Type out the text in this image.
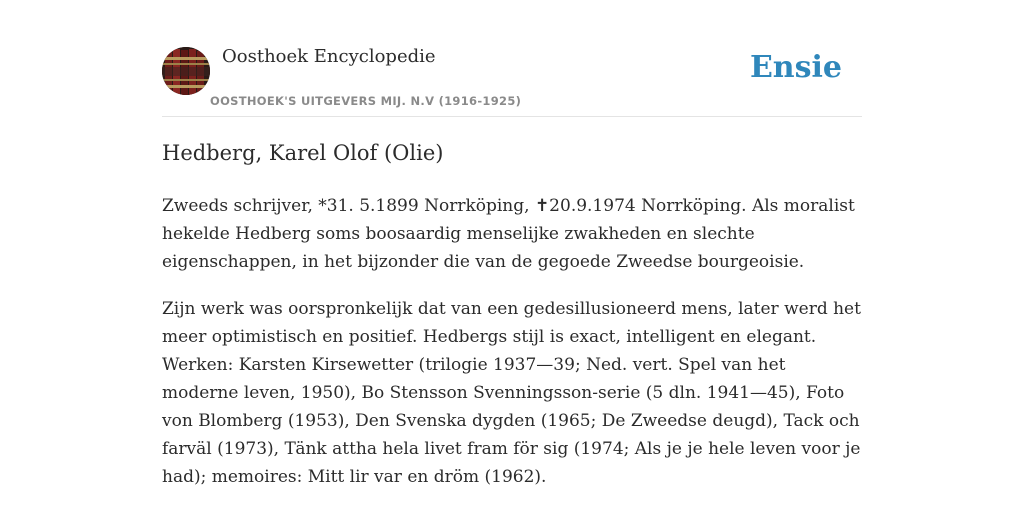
Oosthoek Encyclopedie
OOSTHOEK'S UITGEVERS MIJ. N.V (1916-1925)
Ensie
Hedberg, Karel Olof (Olie)

Zweeds schrijver, *31. 5.1899 Norrköping, ✝20.9.1974 Norrköping. Als moralist hekelde Hedberg soms boosaardig menselijke zwakheden en slechte eigenschappen, in het bijzonder die van de gegoede Zweedse bourgeoisie.

Zijn werk was oorspronkelijk dat van een gedesillusioneerd mens, later werd het meer optimistisch en positief. Hedbergs stijl is exact, intelligent en elegant. Werken: Karsten Kirsewetter (trilogie 1937—39; Ned. vert. Spel van het moderne leven, 1950), Bo Stensson Svenningsson-serie (5 dln. 1941—45), Foto von Blomberg (1953), Den Svenska dygden (1965; De Zweedse deugd), Tack och farväl (1973), Tänk attha hela livet fram för sig (1974; Als je je hele leven voor je had); memoires: Mitt lir var en dröm (1962).
